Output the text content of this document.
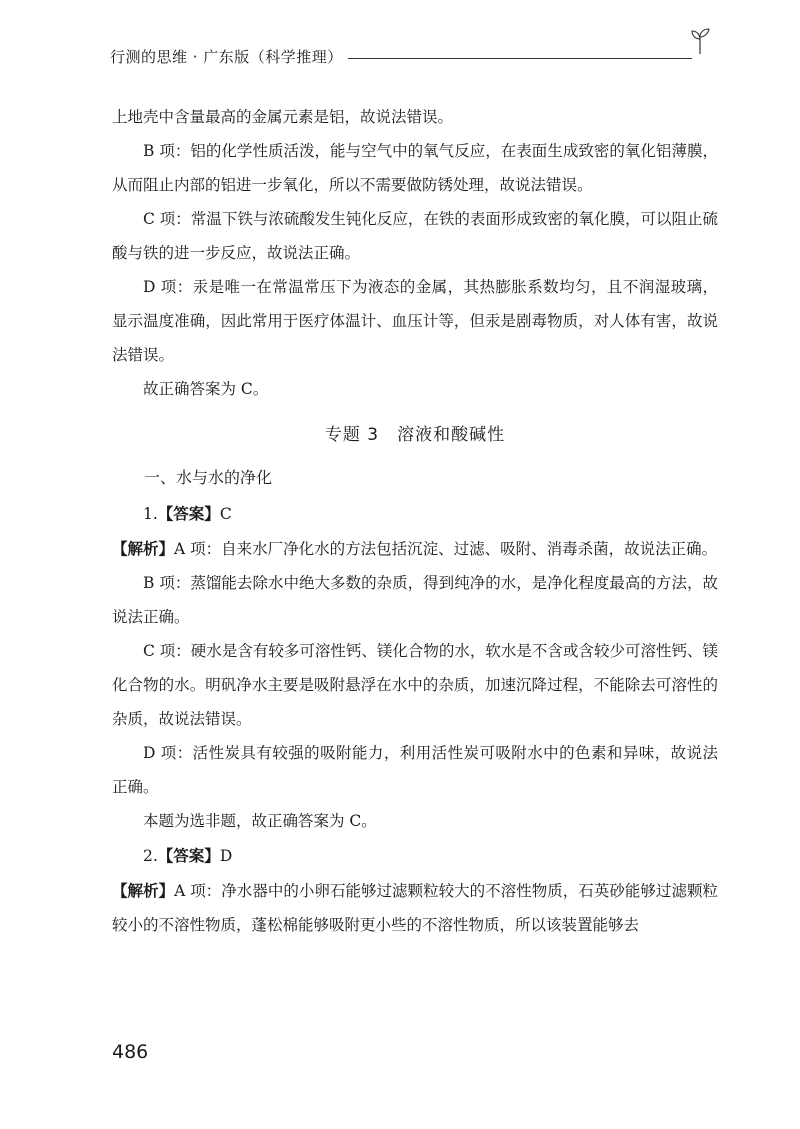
行测的思维 · 广东版（科学推理）

上地壳中含量最高的金属元素是铝，故说法错误。

B 项：铝的化学性质活泼，能与空气中的氧气反应，在表面生成致密的氧化铝薄膜，从而阻止内部的铝进一步氧化，所以不需要做防锈处理，故说法错误。

C 项：常温下铁与浓硫酸发生钝化反应，在铁的表面形成致密的氧化膜，可以阻止硫酸与铁的进一步反应，故说法正确。

D 项：汞是唯一在常温常压下为液态的金属，其热膨胀系数均匀，且不润湿玻璃，显示温度准确，因此常用于医疗体温计、血压计等，但汞是剧毒物质，对人体有害，故说法错误。

故正确答案为 C。

专题 3　溶液和酸碱性

一、水与水的净化

1.【答案】C

【解析】A 项：自来水厂净化水的方法包括沉淀、过滤、吸附、消毒杀菌，故说法正确。

B 项：蒸馏能去除水中绝大多数的杂质，得到纯净的水，是净化程度最高的方法，故说法正确。

C 项：硬水是含有较多可溶性钙、镁化合物的水，软水是不含或含较少可溶性钙、镁化合物的水。明矾净水主要是吸附悬浮在水中的杂质，加速沉降过程，不能除去可溶性的杂质，故说法错误。

D 项：活性炭具有较强的吸附能力，利用活性炭可吸附水中的色素和异味，故说法正确。

本题为选非题，故正确答案为 C。

2.【答案】D

【解析】A 项：净水器中的小卵石能够过滤颗粒较大的不溶性物质，石英砂能够过滤颗粒较小的不溶性物质，蓬松棉能够吸附更小些的不溶性物质，所以该装置能够去

486
